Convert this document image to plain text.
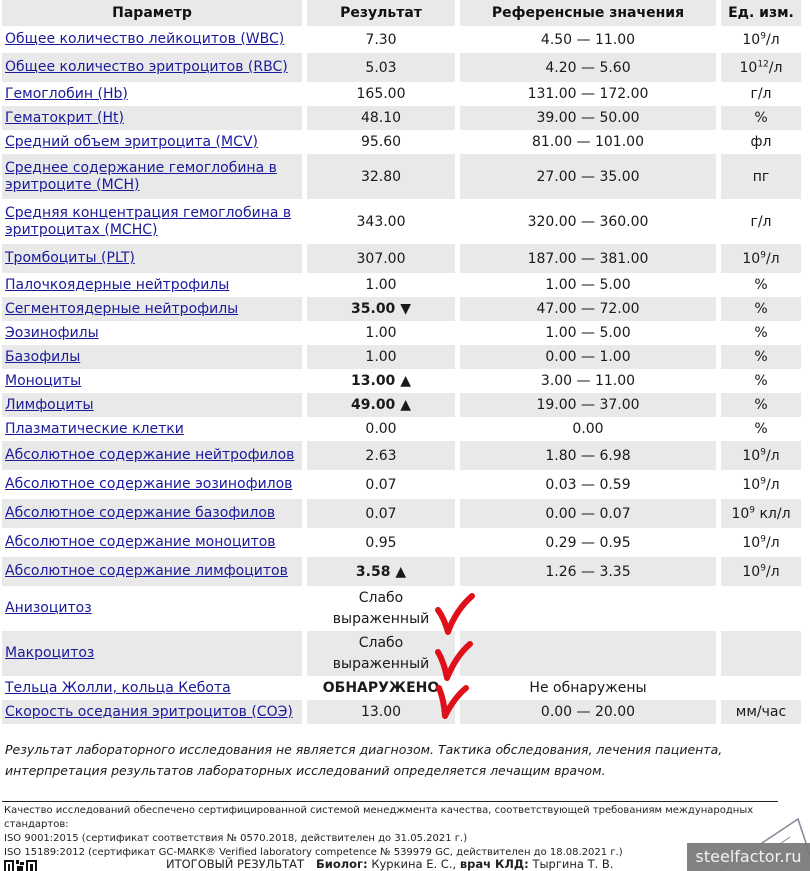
Параметр	Результат	Референсные значения	Ед. изм.
Общее количество лейкоцитов (WBC)	7.30	4.50 — 11.00	$10^9/л$
Общее количество эритроцитов (RBC)	5.03	4.20 — 5.60	$10^{12}/л$
Гемоглобин (Hb)	165.00	131.00 — 172.00	г/л
Гематокрит (Ht)	48.10	39.00 — 50.00	%
Средний объем эритроцита (MCV)	95.60	81.00 — 101.00	фл
Среднее содержание гемоглобина в эритроците (MCH)	32.80	27.00 — 35.00	пг
Средняя концентрация гемоглобина в эритроцитах (MCHC)	343.00	320.00 — 360.00	г/л
Тромбоциты (PLT)	307.00	187.00 — 381.00	$10^9/л$
Палочкоядерные нейтрофилы	1.00	1.00 — 5.00	%
Сегментоядерные нейтрофилы	35.00 ▼	47.00 — 72.00	%
Эозинофилы	1.00	1.00 — 5.00	%
Базофилы	1.00	0.00 — 1.00	%
Моноциты	13.00 ▲	3.00 — 11.00	%
Лимфоциты	49.00 ▲	19.00 — 37.00	%
Плазматические клетки	0.00	0.00	%
Абсолютное содержание нейтрофилов	2.63	1.80 — 6.98	$10^9/л$
Абсолютное содержание эозинофилов	0.07	0.03 — 0.59	$10^9/л$
Абсолютное содержание базофилов	0.07	0.00 — 0.07	$10^9$ кл/л
Абсолютное содержание моноцитов	0.95	0.29 — 0.95	$10^9/л$
Абсолютное содержание лимфоцитов	3.58 ▲	1.26 — 3.35	$10^9/л$
Анизоцитоз	Слабо выраженный		
Макроцитоз	Слабо выраженный		
Тельца Жолли, кольца Кебота	ОБНАРУЖЕНО	Не обнаружены	
Скорость оседания эритроцитов (СОЭ)	13.00	0.00 — 20.00	мм/час
Результат лабораторного исследования не является диагнозом. Тактика обследования, лечения пациента, интерпретация результатов лабораторных исследований определяется лечащим врачом.
Качество исследований обеспечено сертифицированной системой менеджмента качества, соответствующей требованиям международных стандартов:
ISO 9001:2015 (сертификат соответствия № 0570.2018, действителен до 31.05.2021 г.)
ISO 15189:2012 (сертификат GC-MARK® Verified laboratory competence № 539979 GC, действителен до 18.08.2021 г.)
ИТОГОВЫЙ РЕЗУЛЬТАТ Биолог: Куркина Е. С., врач КЛД: Тыргина Т. В.	steelfactor.ru
